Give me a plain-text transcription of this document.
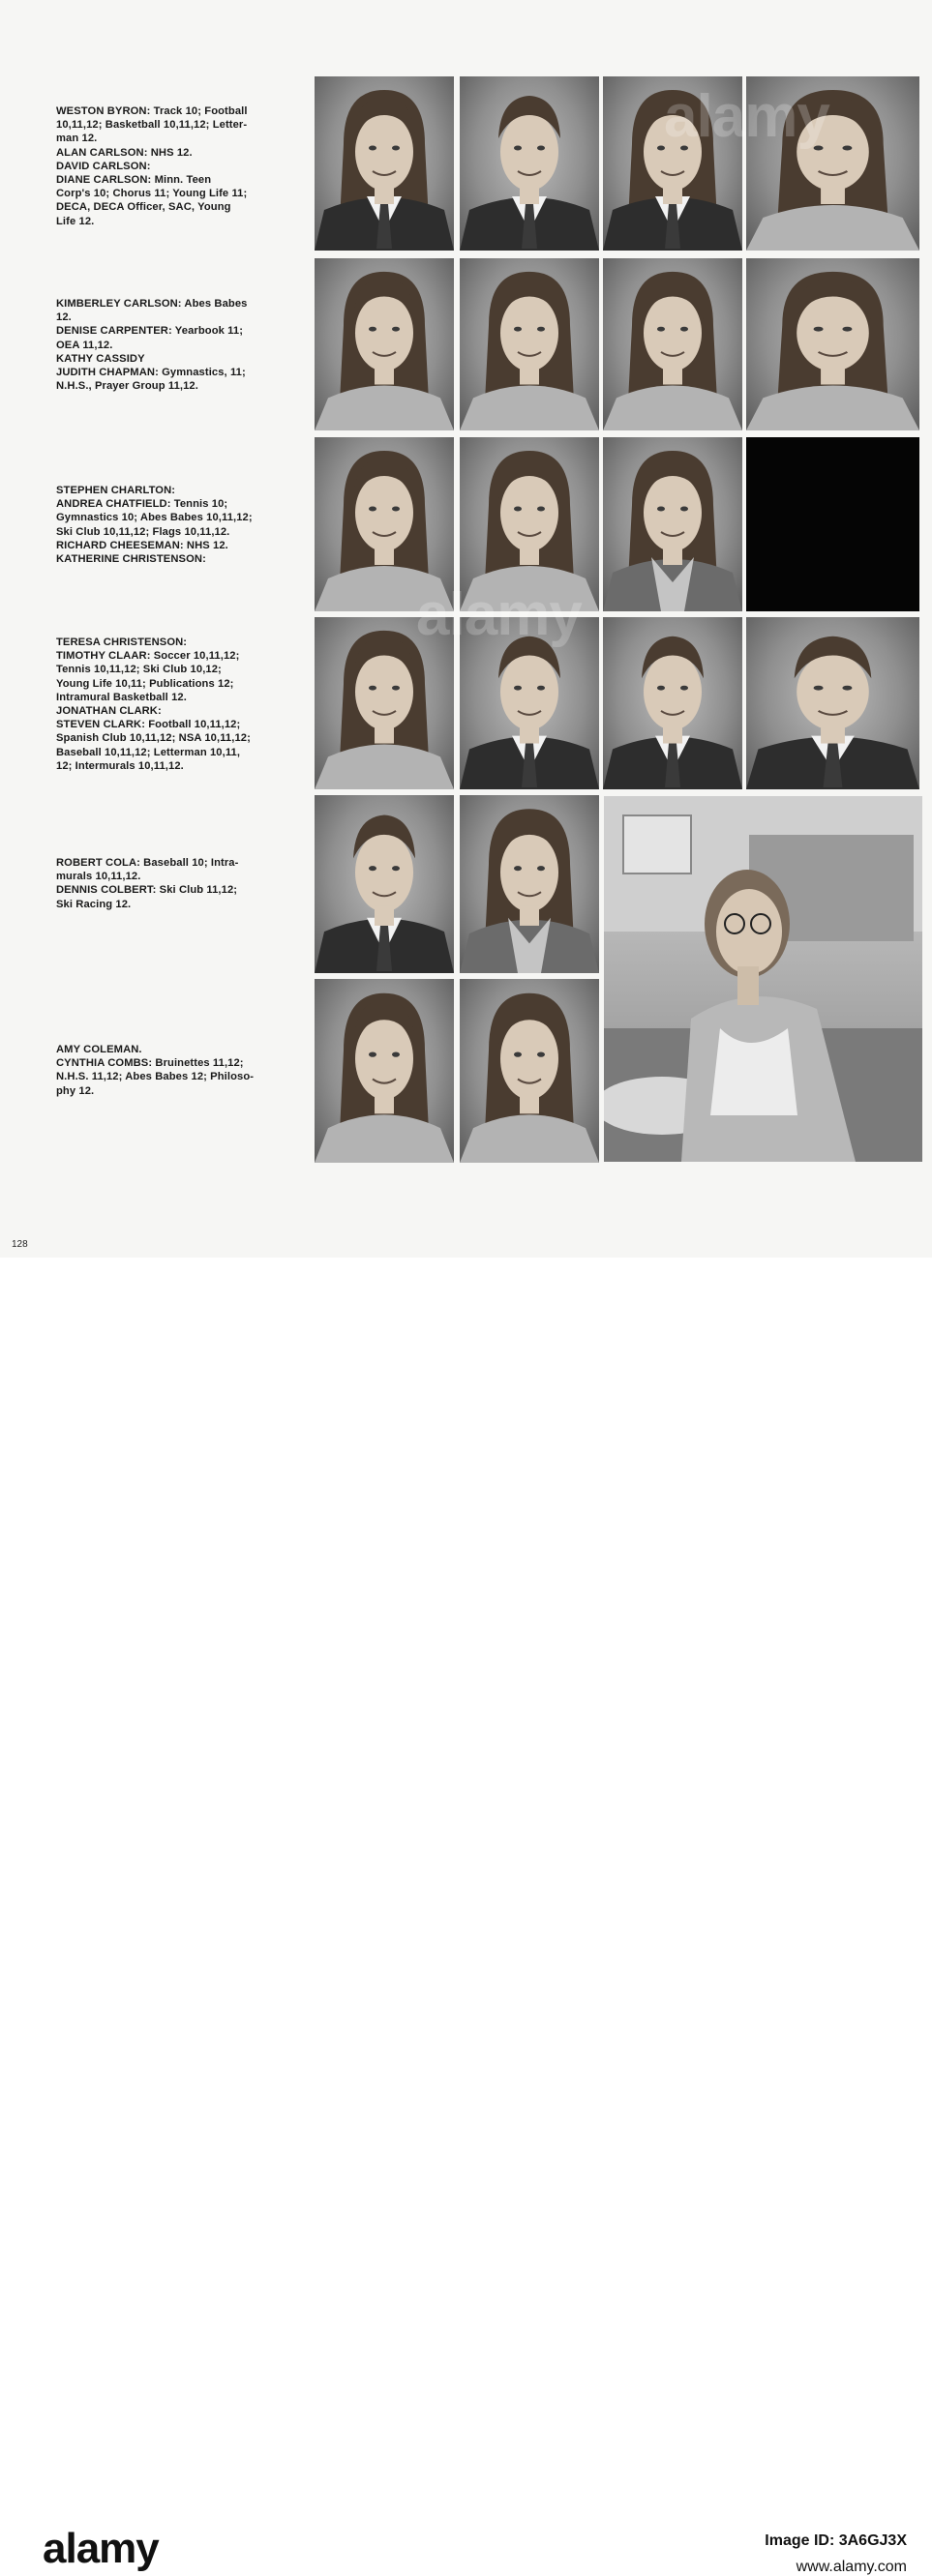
WESTON BYRON: Track 10; Football
10,11,12; Basketball 10,11,12; Letter-
man 12.
ALAN CARLSON: NHS 12.
DAVID CARLSON:
DIANE CARLSON: Minn. Teen
Corp's 10; Chorus 11; Young Life 11;
DECA, DECA Officer, SAC, Young
Life 12.
KIMBERLEY CARLSON: Abes Babes
12.
DENISE CARPENTER: Yearbook 11;
OEA 11,12.
KATHY CASSIDY
JUDITH CHAPMAN: Gymnastics, 11;
N.H.S., Prayer Group 11,12.
STEPHEN CHARLTON:
ANDREA CHATFIELD: Tennis 10;
Gymnastics 10; Abes Babes 10,11,12;
Ski Club 10,11,12; Flags 10,11,12.
RICHARD CHEESEMAN: NHS 12.
KATHERINE CHRISTENSON:
TERESA CHRISTENSON:
TIMOTHY CLAAR: Soccer 10,11,12;
Tennis 10,11,12; Ski Club 10,12;
Young Life 10,11; Publications 12;
Intramural Basketball 12.
JONATHAN CLARK:
STEVEN CLARK: Football 10,11,12;
Spanish Club 10,11,12; NSA 10,11,12;
Baseball 10,11,12; Letterman 10,11,
12; Intermurals 10,11,12.
ROBERT COLA: Baseball 10; Intra-
murals 10,11,12.
DENNIS COLBERT: Ski Club 11,12;
Ski Racing 12.
AMY COLEMAN.
CYNTHIA COMBS: Bruinettes 11,12;
N.H.S. 11,12; Abes Babes 12; Philoso-
phy 12.
alamy
alamy
128
alamy	Image ID: 3A6GJ3X
www.alamy.com
